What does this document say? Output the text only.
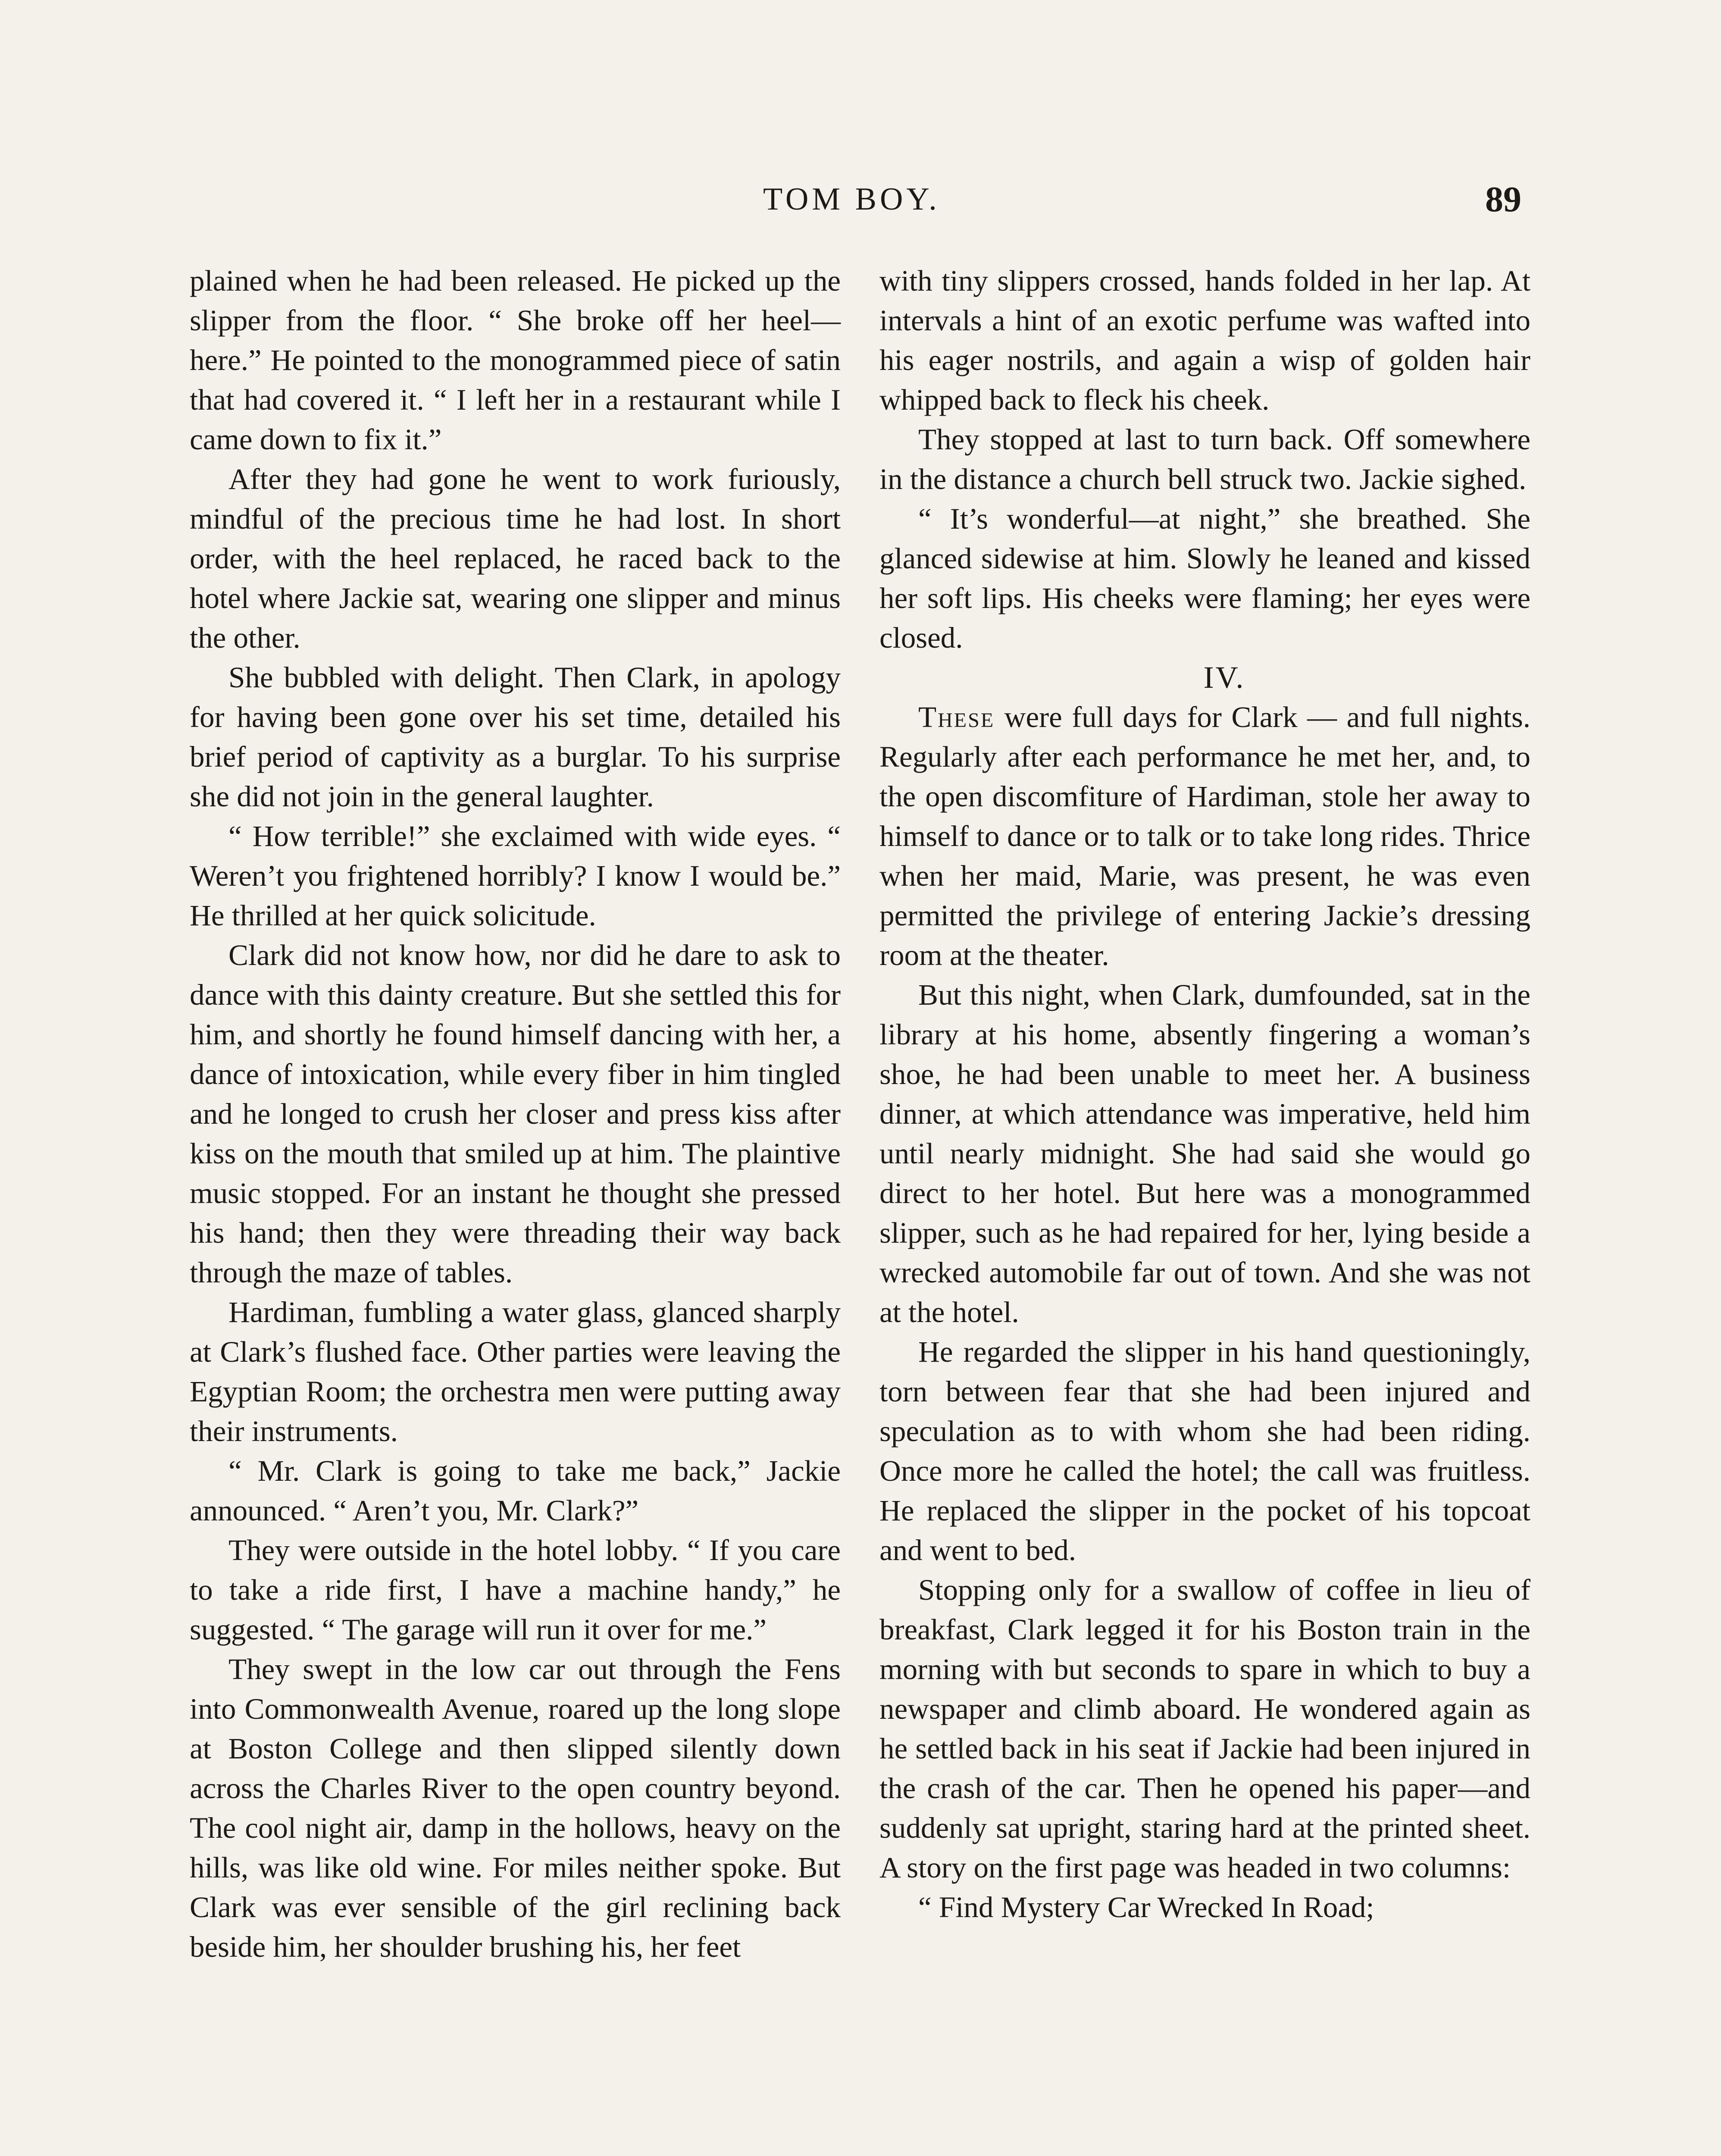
TOM BOY.	89

plained when he had been released. He picked up the slipper from the floor. “ She broke off her heel—here.” He pointed to the monogrammed piece of satin that had covered it. “ I left her in a restaurant while I came down to fix it.”

After they had gone he went to work furiously, mindful of the precious time he had lost. In short order, with the heel replaced, he raced back to the hotel where Jackie sat, wearing one slipper and minus the other.

She bubbled with delight. Then Clark, in apology for having been gone over his set time, detailed his brief period of captivity as a burglar. To his surprise she did not join in the general laughter.

“ How terrible!” she exclaimed with wide eyes. “ Weren’t you frightened horribly? I know I would be.” He thrilled at her quick solicitude.

Clark did not know how, nor did he dare to ask to dance with this dainty creature. But she settled this for him, and shortly he found himself dancing with her, a dance of intoxication, while every fiber in him tingled and he longed to crush her closer and press kiss after kiss on the mouth that smiled up at him. The plaintive music stopped. For an instant he thought she pressed his hand; then they were threading their way back through the maze of tables.

Hardiman, fumbling a water glass, glanced sharply at Clark’s flushed face. Other parties were leaving the Egyptian Room; the orchestra men were putting away their instruments.

“ Mr. Clark is going to take me back,” Jackie announced. “ Aren’t you, Mr. Clark?”

They were outside in the hotel lobby. “ If you care to take a ride first, I have a machine handy,” he suggested. “ The garage will run it over for me.”

They swept in the low car out through the Fens into Commonwealth Avenue, roared up the long slope at Boston College and then slipped silently down across the Charles River to the open country beyond. The cool night air, damp in the hollows, heavy on the hills, was like old wine. For miles neither spoke. But Clark was ever sensible of the girl reclining back beside him, her shoulder brushing his, her feet

with tiny slippers crossed, hands folded in her lap. At intervals a hint of an exotic perfume was wafted into his eager nostrils, and again a wisp of golden hair whipped back to fleck his cheek.

They stopped at last to turn back. Off somewhere in the distance a church bell struck two. Jackie sighed.

“ It’s wonderful—at night,” she breathed. She glanced sidewise at him. Slowly he leaned and kissed her soft lips. His cheeks were flaming; her eyes were closed.

IV.

These were full days for Clark — and full nights. Regularly after each performance he met her, and, to the open discomfiture of Hardiman, stole her away to himself to dance or to talk or to take long rides. Thrice when her maid, Marie, was present, he was even permitted the privilege of entering Jackie’s dressing room at the theater.

But this night, when Clark, dumfounded, sat in the library at his home, absently fingering a woman’s shoe, he had been unable to meet her. A business dinner, at which attendance was imperative, held him until nearly midnight. She had said she would go direct to her hotel. But here was a monogrammed slipper, such as he had repaired for her, lying beside a wrecked automobile far out of town. And she was not at the hotel.

He regarded the slipper in his hand questioningly, torn between fear that she had been injured and speculation as to with whom she had been riding. Once more he called the hotel; the call was fruitless. He replaced the slipper in the pocket of his topcoat and went to bed.

Stopping only for a swallow of coffee in lieu of breakfast, Clark legged it for his Boston train in the morning with but seconds to spare in which to buy a newspaper and climb aboard. He wondered again as he settled back in his seat if Jackie had been injured in the crash of the car. Then he opened his paper—and suddenly sat upright, staring hard at the printed sheet. A story on the first page was headed in two columns:

“ Find Mystery Car Wrecked In Road;
